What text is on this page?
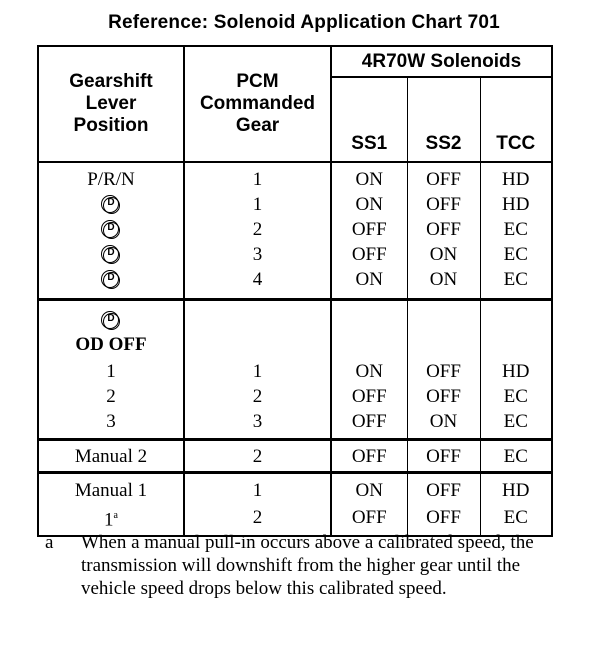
Reference: Solenoid Application Chart 701
Gearshift Lever Position	PCM Commanded Gear	4R70W Solenoids		
		SS1	SS2	TCC
P/R/N	1	ON	OFF	HD
D	1	ON	OFF	HD
D	2	OFF	OFF	EC
D	3	OFF	ON	EC
D	4	ON	ON	EC
D
OD OFF				
1	1	ON	OFF	HD
2	2	OFF	OFF	EC
3	3	OFF	ON	EC
Manual 2	2	OFF	OFF	EC
Manual 1	1	ON	OFF	HD
1$^a$	2	OFF	OFF	EC
a When a manual pull-in occurs above a calibrated speed, the transmission will downshift from the higher gear until the vehicle speed drops below this calibrated speed.
